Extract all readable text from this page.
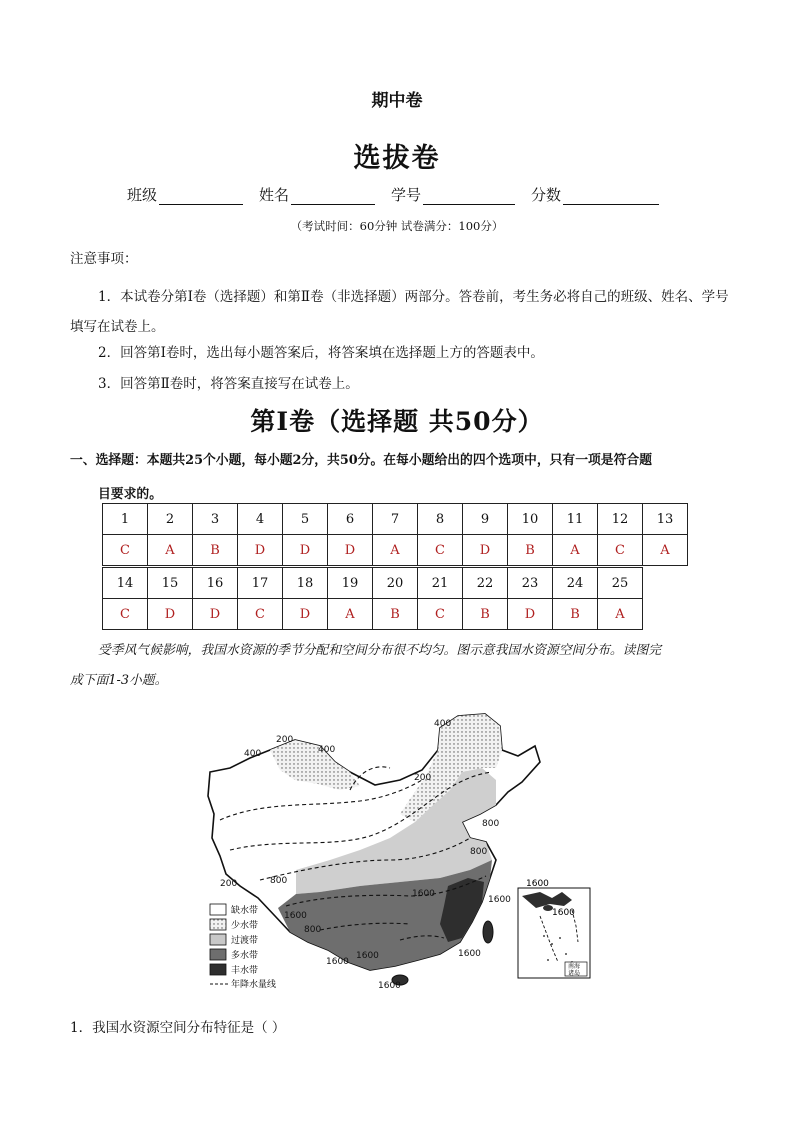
期中卷
选拔卷
班级	姓名	学号	分数
（考试时间：60分钟 试卷满分：100分）
注意事项：
1．本试卷分第Ⅰ卷（选择题）和第Ⅱ卷（非选择题）两部分。答卷前，考生务必将自己的班级、姓名、学号填写在试卷上。
2．回答第Ⅰ卷时，选出每小题答案后，将答案填在选择题上方的答题表中。
3．回答第Ⅱ卷时，将答案直接写在试卷上。
第Ⅰ卷（选择题 共50分）
一、选择题：本题共25个小题，每小题2分，共50分。在每小题给出的四个选项中，只有一项是符合题
目要求的。
1	2	3	4	5	6	7	8	9	10	11	12	13
C	A	B	D	D	D	A	C	D	B	A	C	A
14	15	16	17	18	19	20	21	22	23	24	25
C	D	D	C	D	A	B	C	B	D	B	A
受季风气候影响，我国水资源的季节分配和空间分布很不均匀。图示意我国水资源空间分布。读图完
成下面1-3小题。
400
400
200
400
200
800
800
200	800
1600
800
1600
1600	1600
1600
1600
1600
缺水带
少水带
过渡带
多水带
丰水带
年降水量线
1600
1600
南海
诸岛
1．我国水资源空间分布特征是（ ）
